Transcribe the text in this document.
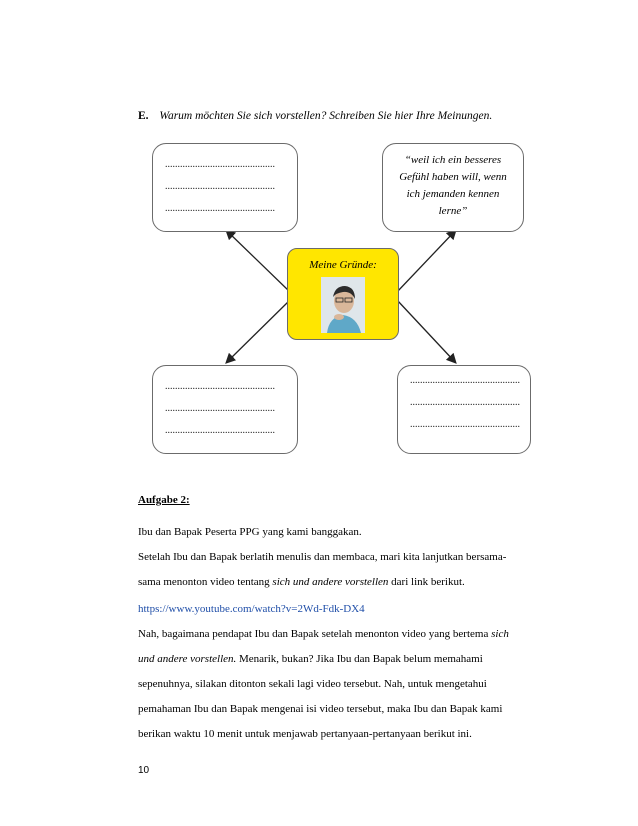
E. Warum möchten Sie sich vorstellen? Schreiben Sie hier Ihre Meinungen.
............................................
............................................
............................................
“weil ich ein besseres
Gefühl haben will, wenn
ich jemanden kennen
lerne”
Meine Gründe:
............................................
............................................
............................................
............................................
............................................
............................................
Aufgabe 2:
Ibu dan Bapak Peserta PPG yang kami banggakan.
Setelah Ibu dan Bapak berlatih menulis dan membaca, mari kita lanjutkan bersama-
sama menonton video tentang sich und andere vorstellen dari link berikut.
https://www.youtube.com/watch?v=2Wd-Fdk-DX4
Nah, bagaimana pendapat Ibu dan Bapak setelah menonton video yang bertema sich
und andere vorstellen. Menarik, bukan? Jika Ibu dan Bapak belum memahami
sepenuhnya, silakan ditonton sekali lagi video tersebut. Nah, untuk mengetahui
pemahaman Ibu dan Bapak mengenai isi video tersebut, maka Ibu dan Bapak kami
berikan waktu 10 menit untuk menjawab pertanyaan-pertanyaan berikut ini.
10
